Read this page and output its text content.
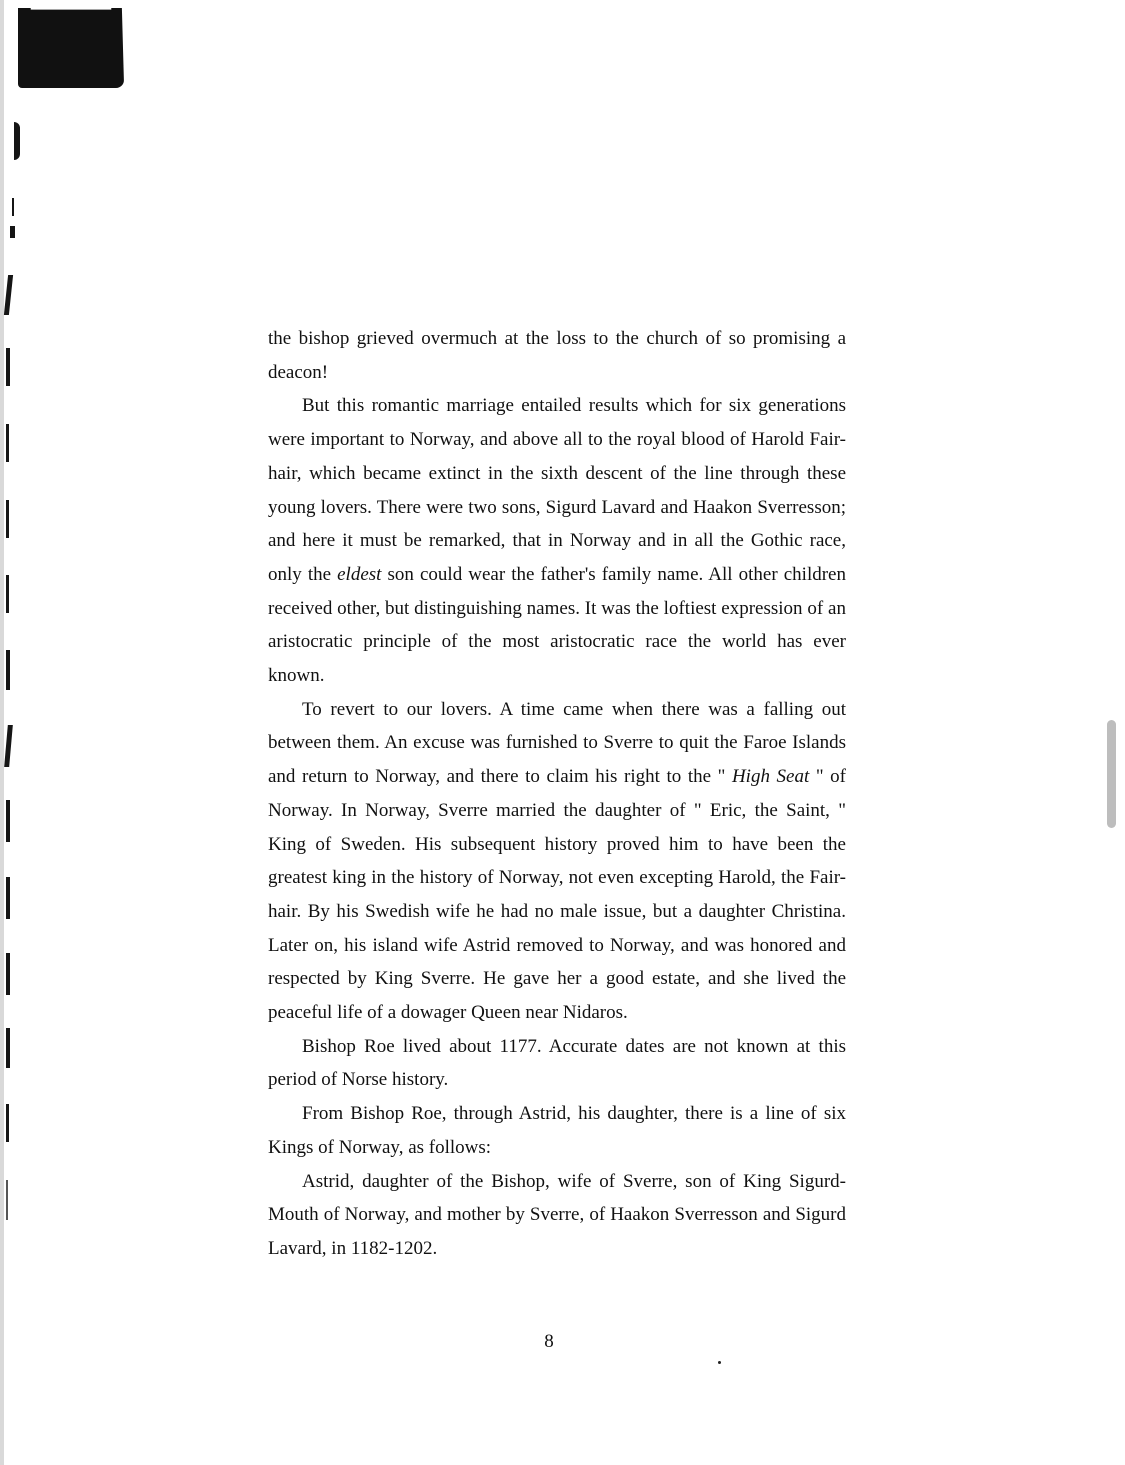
the bishop grieved overmuch at the loss to the church of so promising a deacon!

But this romantic marriage entailed results which for six generations were important to Norway, and above all to the royal blood of Harold Fair-hair, which became extinct in the sixth descent of the line through these young lovers. There were two sons, Sigurd Lavard and Haakon Sverresson; and here it must be remarked, that in Norway and in all the Gothic race, only the eldest son could wear the father's family name. All other children received other, but distinguishing names. It was the loftiest expression of an aristocratic principle of the most aristocratic race the world has ever known.

To revert to our lovers. A time came when there was a falling out between them. An excuse was furnished to Sverre to quit the Faroe Islands and return to Norway, and there to claim his right to the " High Seat " of Norway. In Norway, Sverre married the daughter of " Eric, the Saint, " King of Sweden. His subsequent history proved him to have been the greatest king in the history of Norway, not even excepting Harold, the Fair-hair. By his Swedish wife he had no male issue, but a daughter Christina. Later on, his island wife Astrid removed to Norway, and was honored and respected by King Sverre. He gave her a good estate, and she lived the peaceful life of a dowager Queen near Nidaros.

Bishop Roe lived about 1177. Accurate dates are not known at this period of Norse history.

From Bishop Roe, through Astrid, his daughter, there is a line of six Kings of Norway, as follows:

Astrid, daughter of the Bishop, wife of Sverre, son of King Sigurd-Mouth of Norway, and mother by Sverre, of Haakon Sverresson and Sigurd Lavard, in 1182-1202.

8
